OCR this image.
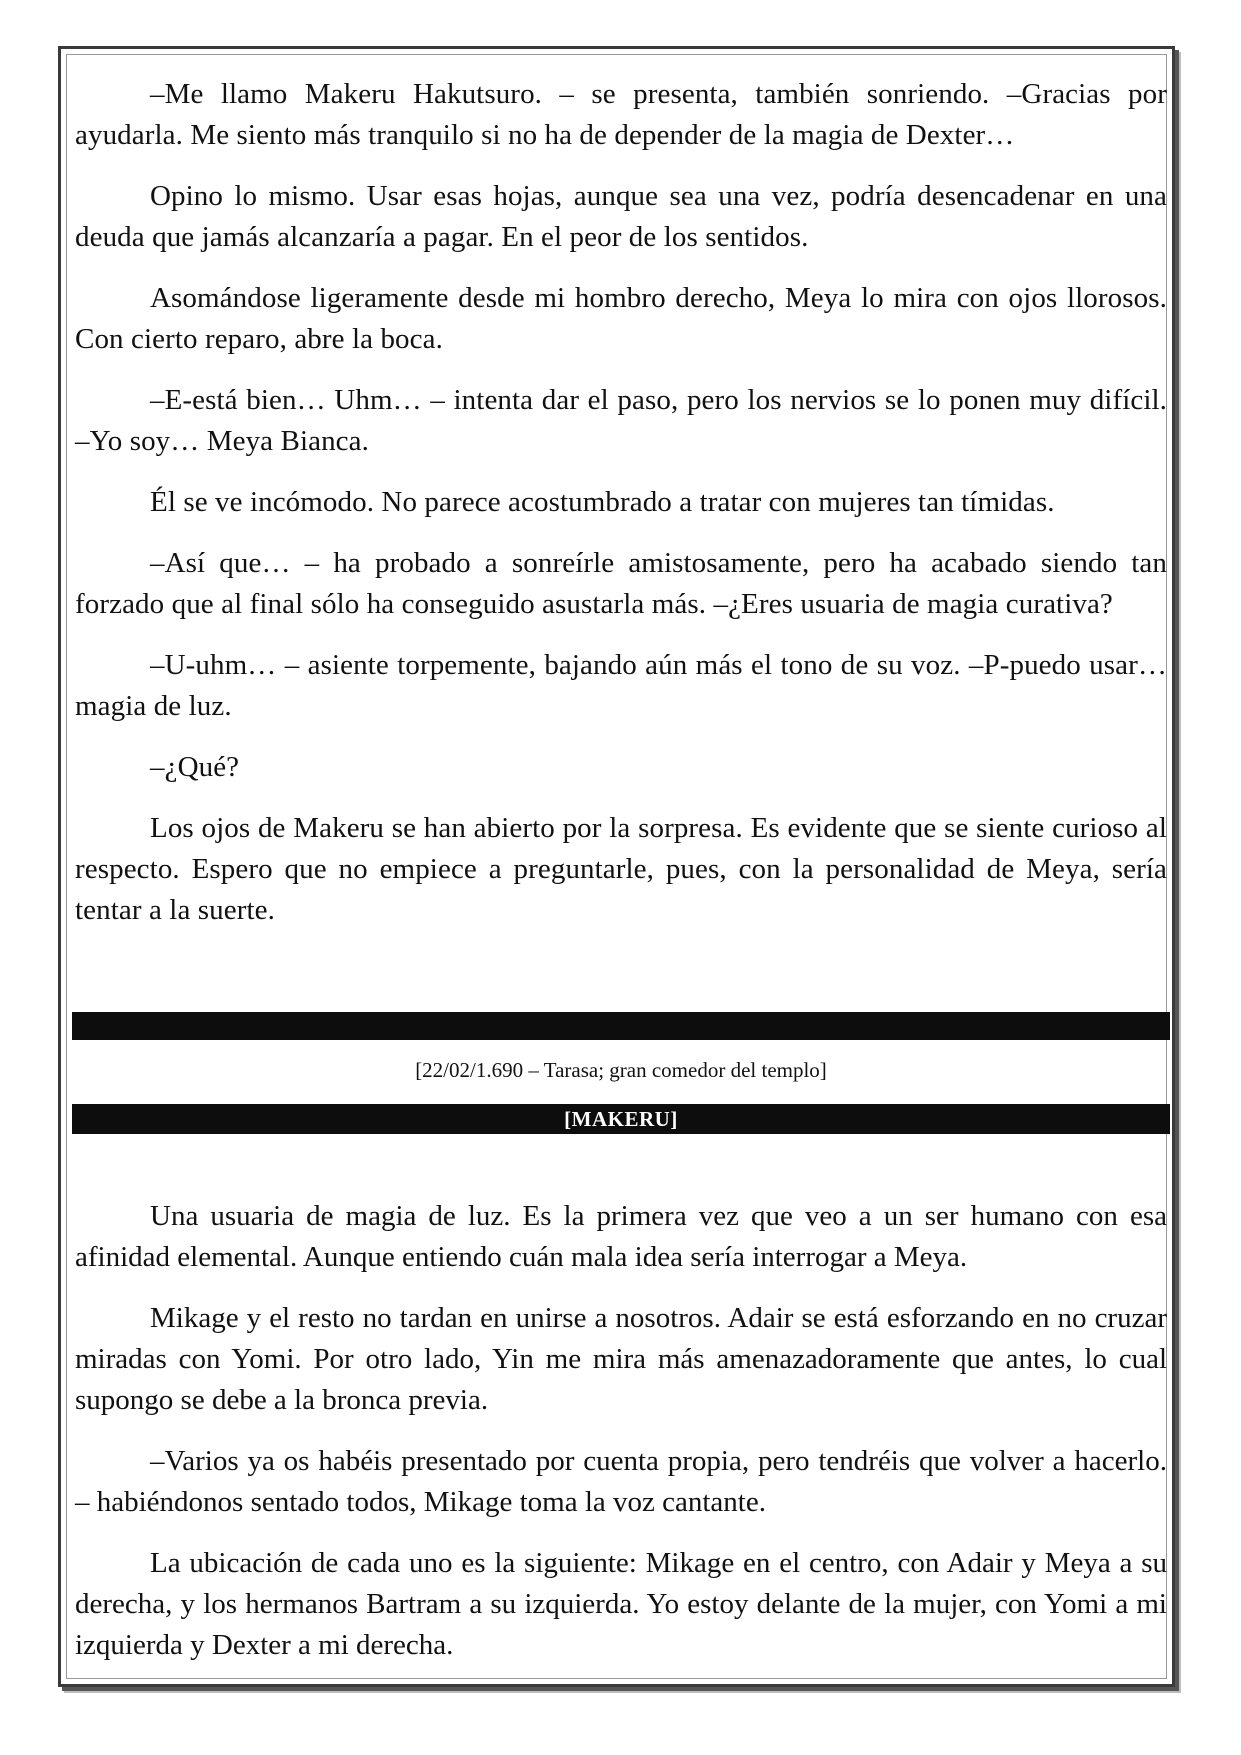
–Me llamo Makeru Hakutsuro. – se presenta, también sonriendo. –Gracias por ayudarla. Me siento más tranquilo si no ha de depender de la magia de Dexter…

Opino lo mismo. Usar esas hojas, aunque sea una vez, podría desencadenar en una deuda que jamás alcanzaría a pagar. En el peor de los sentidos.

Asomándose ligeramente desde mi hombro derecho, Meya lo mira con ojos llorosos. Con cierto reparo, abre la boca.

–E-está bien… Uhm… – intenta dar el paso, pero los nervios se lo ponen muy difícil. –Yo soy… Meya Bianca.

Él se ve incómodo. No parece acostumbrado a tratar con mujeres tan tímidas.

–Así que… – ha probado a sonreírle amistosamente, pero ha acabado siendo tan forzado que al final sólo ha conseguido asustarla más. –¿Eres usuaria de magia curativa?

–U-uhm… – asiente torpemente, bajando aún más el tono de su voz. –P-puedo usar… magia de luz.

–¿Qué?

Los ojos de Makeru se han abierto por la sorpresa. Es evidente que se siente curioso al respecto. Espero que no empiece a preguntarle, pues, con la personalidad de Meya, sería tentar a la suerte.

[22/02/1.690 – Tarasa; gran comedor del templo]
[MAKERU]

Una usuaria de magia de luz. Es la primera vez que veo a un ser humano con esa afinidad elemental. Aunque entiendo cuán mala idea sería interrogar a Meya.

Mikage y el resto no tardan en unirse a nosotros. Adair se está esforzando en no cruzar miradas con Yomi. Por otro lado, Yin me mira más amenazadoramente que antes, lo cual supongo se debe a la bronca previa.

–Varios ya os habéis presentado por cuenta propia, pero tendréis que volver a hacerlo. – habiéndonos sentado todos, Mikage toma la voz cantante.

La ubicación de cada uno es la siguiente: Mikage en el centro, con Adair y Meya a su derecha, y los hermanos Bartram a su izquierda. Yo estoy delante de la mujer, con Yomi a mi izquierda y Dexter a mi derecha.
